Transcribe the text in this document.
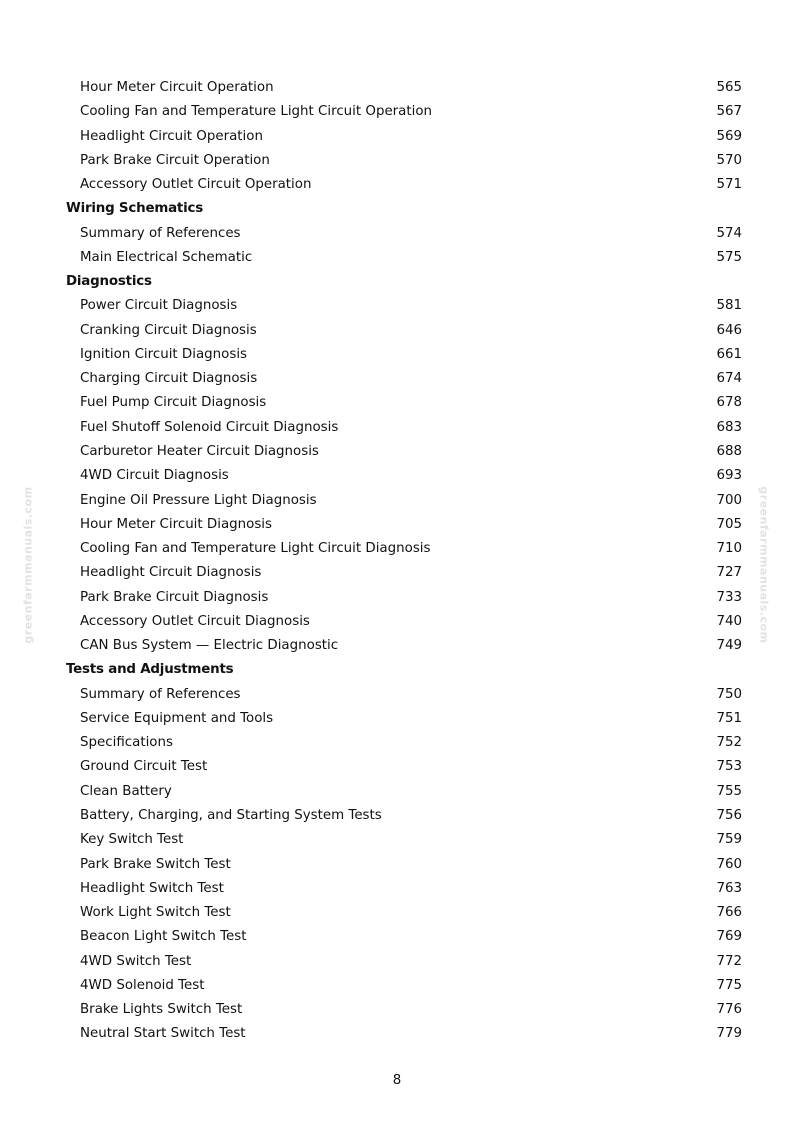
Hour Meter Circuit Operation	565
Cooling Fan and Temperature Light Circuit Operation	567
Headlight Circuit Operation	569
Park Brake Circuit Operation	570
Accessory Outlet Circuit Operation	571
Wiring Schematics
Summary of References	574
Main Electrical Schematic	575
Diagnostics
Power Circuit Diagnosis	581
Cranking Circuit Diagnosis	646
Ignition Circuit Diagnosis	661
Charging Circuit Diagnosis	674
Fuel Pump Circuit Diagnosis	678
Fuel Shutoff Solenoid Circuit Diagnosis	683
Carburetor Heater Circuit Diagnosis	688
4WD Circuit Diagnosis	693
Engine Oil Pressure Light Diagnosis	700
Hour Meter Circuit Diagnosis	705
Cooling Fan and Temperature Light Circuit Diagnosis	710
Headlight Circuit Diagnosis	727
Park Brake Circuit Diagnosis	733
Accessory Outlet Circuit Diagnosis	740
CAN Bus System — Electric Diagnostic	749
Tests and Adjustments
Summary of References	750
Service Equipment and Tools	751
Specifications	752
Ground Circuit Test	753
Clean Battery	755
Battery, Charging, and Starting System Tests	756
Key Switch Test	759
Park Brake Switch Test	760
Headlight Switch Test	763
Work Light Switch Test	766
Beacon Light Switch Test	769
4WD Switch Test	772
4WD Solenoid Test	775
Brake Lights Switch Test	776
Neutral Start Switch Test	779
greenfarmmanuals.com	greenfarmmanuals.com
8
